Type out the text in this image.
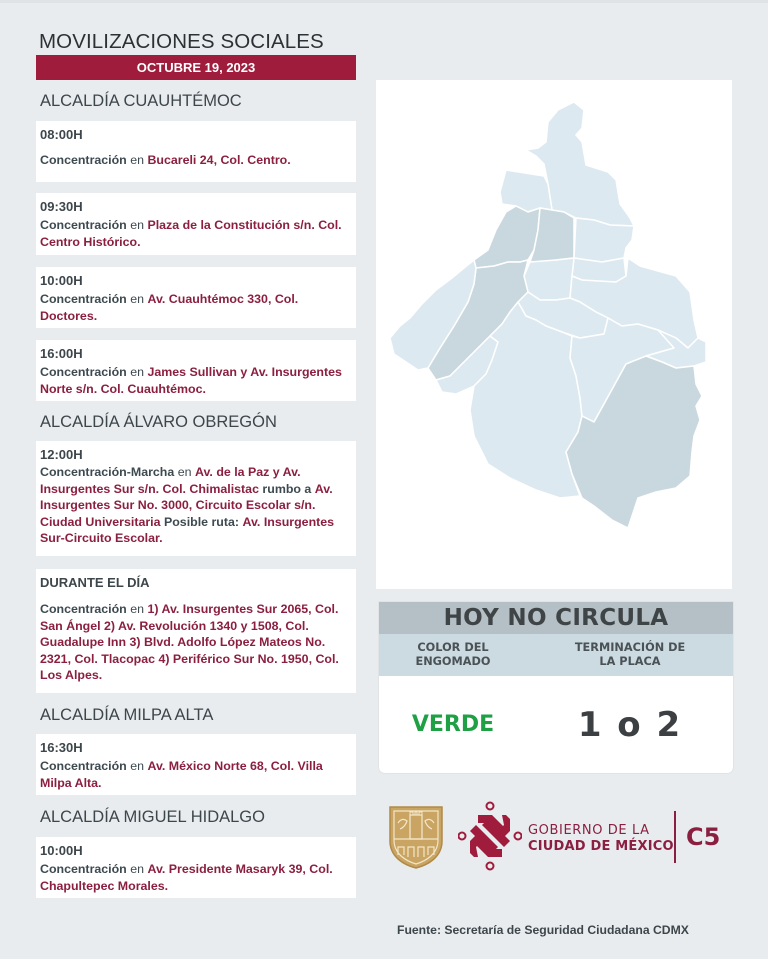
MOVILIZACIONES SOCIALES
OCTUBRE 19, 2023
ALCALDÍA CUAUHTÉMOC
08:00H
Concentración en Bucareli 24, Col. Centro.
09:30H
Concentración en Plaza de la Constitución s/n. Col. Centro Histórico.
10:00H
Concentración en Av. Cuauhtémoc 330, Col. Doctores.
16:00H
Concentración en James Sullivan y Av. Insurgentes Norte s/n. Col. Cuauhtémoc.
ALCALDÍA ÁLVARO OBREGÓN
12:00H
Concentración-Marcha en Av. de la Paz y Av. Insurgentes Sur s/n. Col. Chimalistac rumbo a Av. Insurgentes Sur No. 3000, Circuito Escolar s/n. Ciudad Universitaria Posible ruta: Av. Insurgentes Sur-Circuito Escolar.
DURANTE EL DÍA
Concentración en 1) Av. Insurgentes Sur 2065, Col. San Ángel 2) Av. Revolución 1340 y 1508, Col. Guadalupe Inn 3) Blvd. Adolfo López Mateos No. 2321, Col. Tlacopac 4) Periférico Sur No. 1950, Col. Los Alpes.
ALCALDÍA MILPA ALTA
16:30H
Concentración en Av. México Norte 68, Col. Villa Milpa Alta.
ALCALDÍA MIGUEL HIDALGO
10:00H
Concentración en Av. Presidente Masaryk 39, Col. Chapultepec Morales.
HOY NO CIRCULA
COLOR DEL ENGOMADO
TERMINACIÓN DE LA PLACA
VERDE	1 o 2
GOBIERNO DE LA
CIUDAD DE MÉXICO C5
Fuente: Secretaría de Seguridad Ciudadana CDMX
